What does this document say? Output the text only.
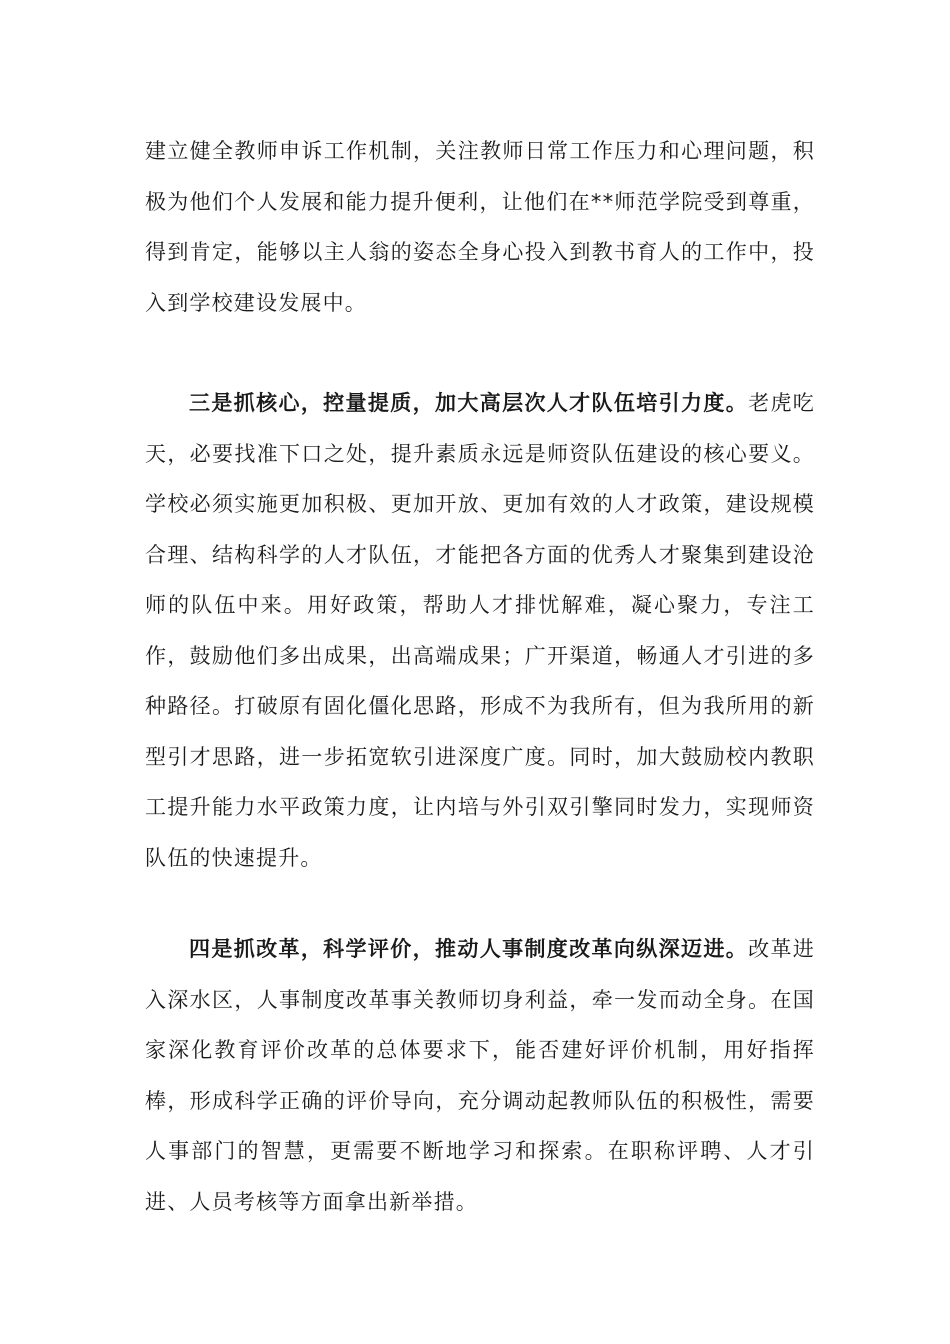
建立健全教师申诉工作机制，关注教师日常工作压力和心理问题，积极为他们个人发展和能力提升便利，让他们在**师范学院受到尊重，得到肯定，能够以主人翁的姿态全身心投入到教书育人的工作中，投入到学校建设发展中。

三是抓核心，控量提质，加大高层次人才队伍培引力度。老虎吃天，必要找准下口之处，提升素质永远是师资队伍建设的核心要义。学校必须实施更加积极、更加开放、更加有效的人才政策，建设规模合理、结构科学的人才队伍，才能把各方面的优秀人才聚集到建设沧师的队伍中来。用好政策，帮助人才排忧解难，凝心聚力，专注工作，鼓励他们多出成果，出高端成果；广开渠道，畅通人才引进的多种路径。打破原有固化僵化思路，形成不为我所有，但为我所用的新型引才思路，进一步拓宽软引进深度广度。同时，加大鼓励校内教职工提升能力水平政策力度，让内培与外引双引擎同时发力，实现师资队伍的快速提升。

四是抓改革，科学评价，推动人事制度改革向纵深迈进。改革进入深水区，人事制度改革事关教师切身利益，牵一发而动全身。在国家深化教育评价改革的总体要求下，能否建好评价机制，用好指挥棒，形成科学正确的评价导向，充分调动起教师队伍的积极性，需要人事部门的智慧，更需要不断地学习和探索。在职称评聘、人才引进、人员考核等方面拿出新举措。
